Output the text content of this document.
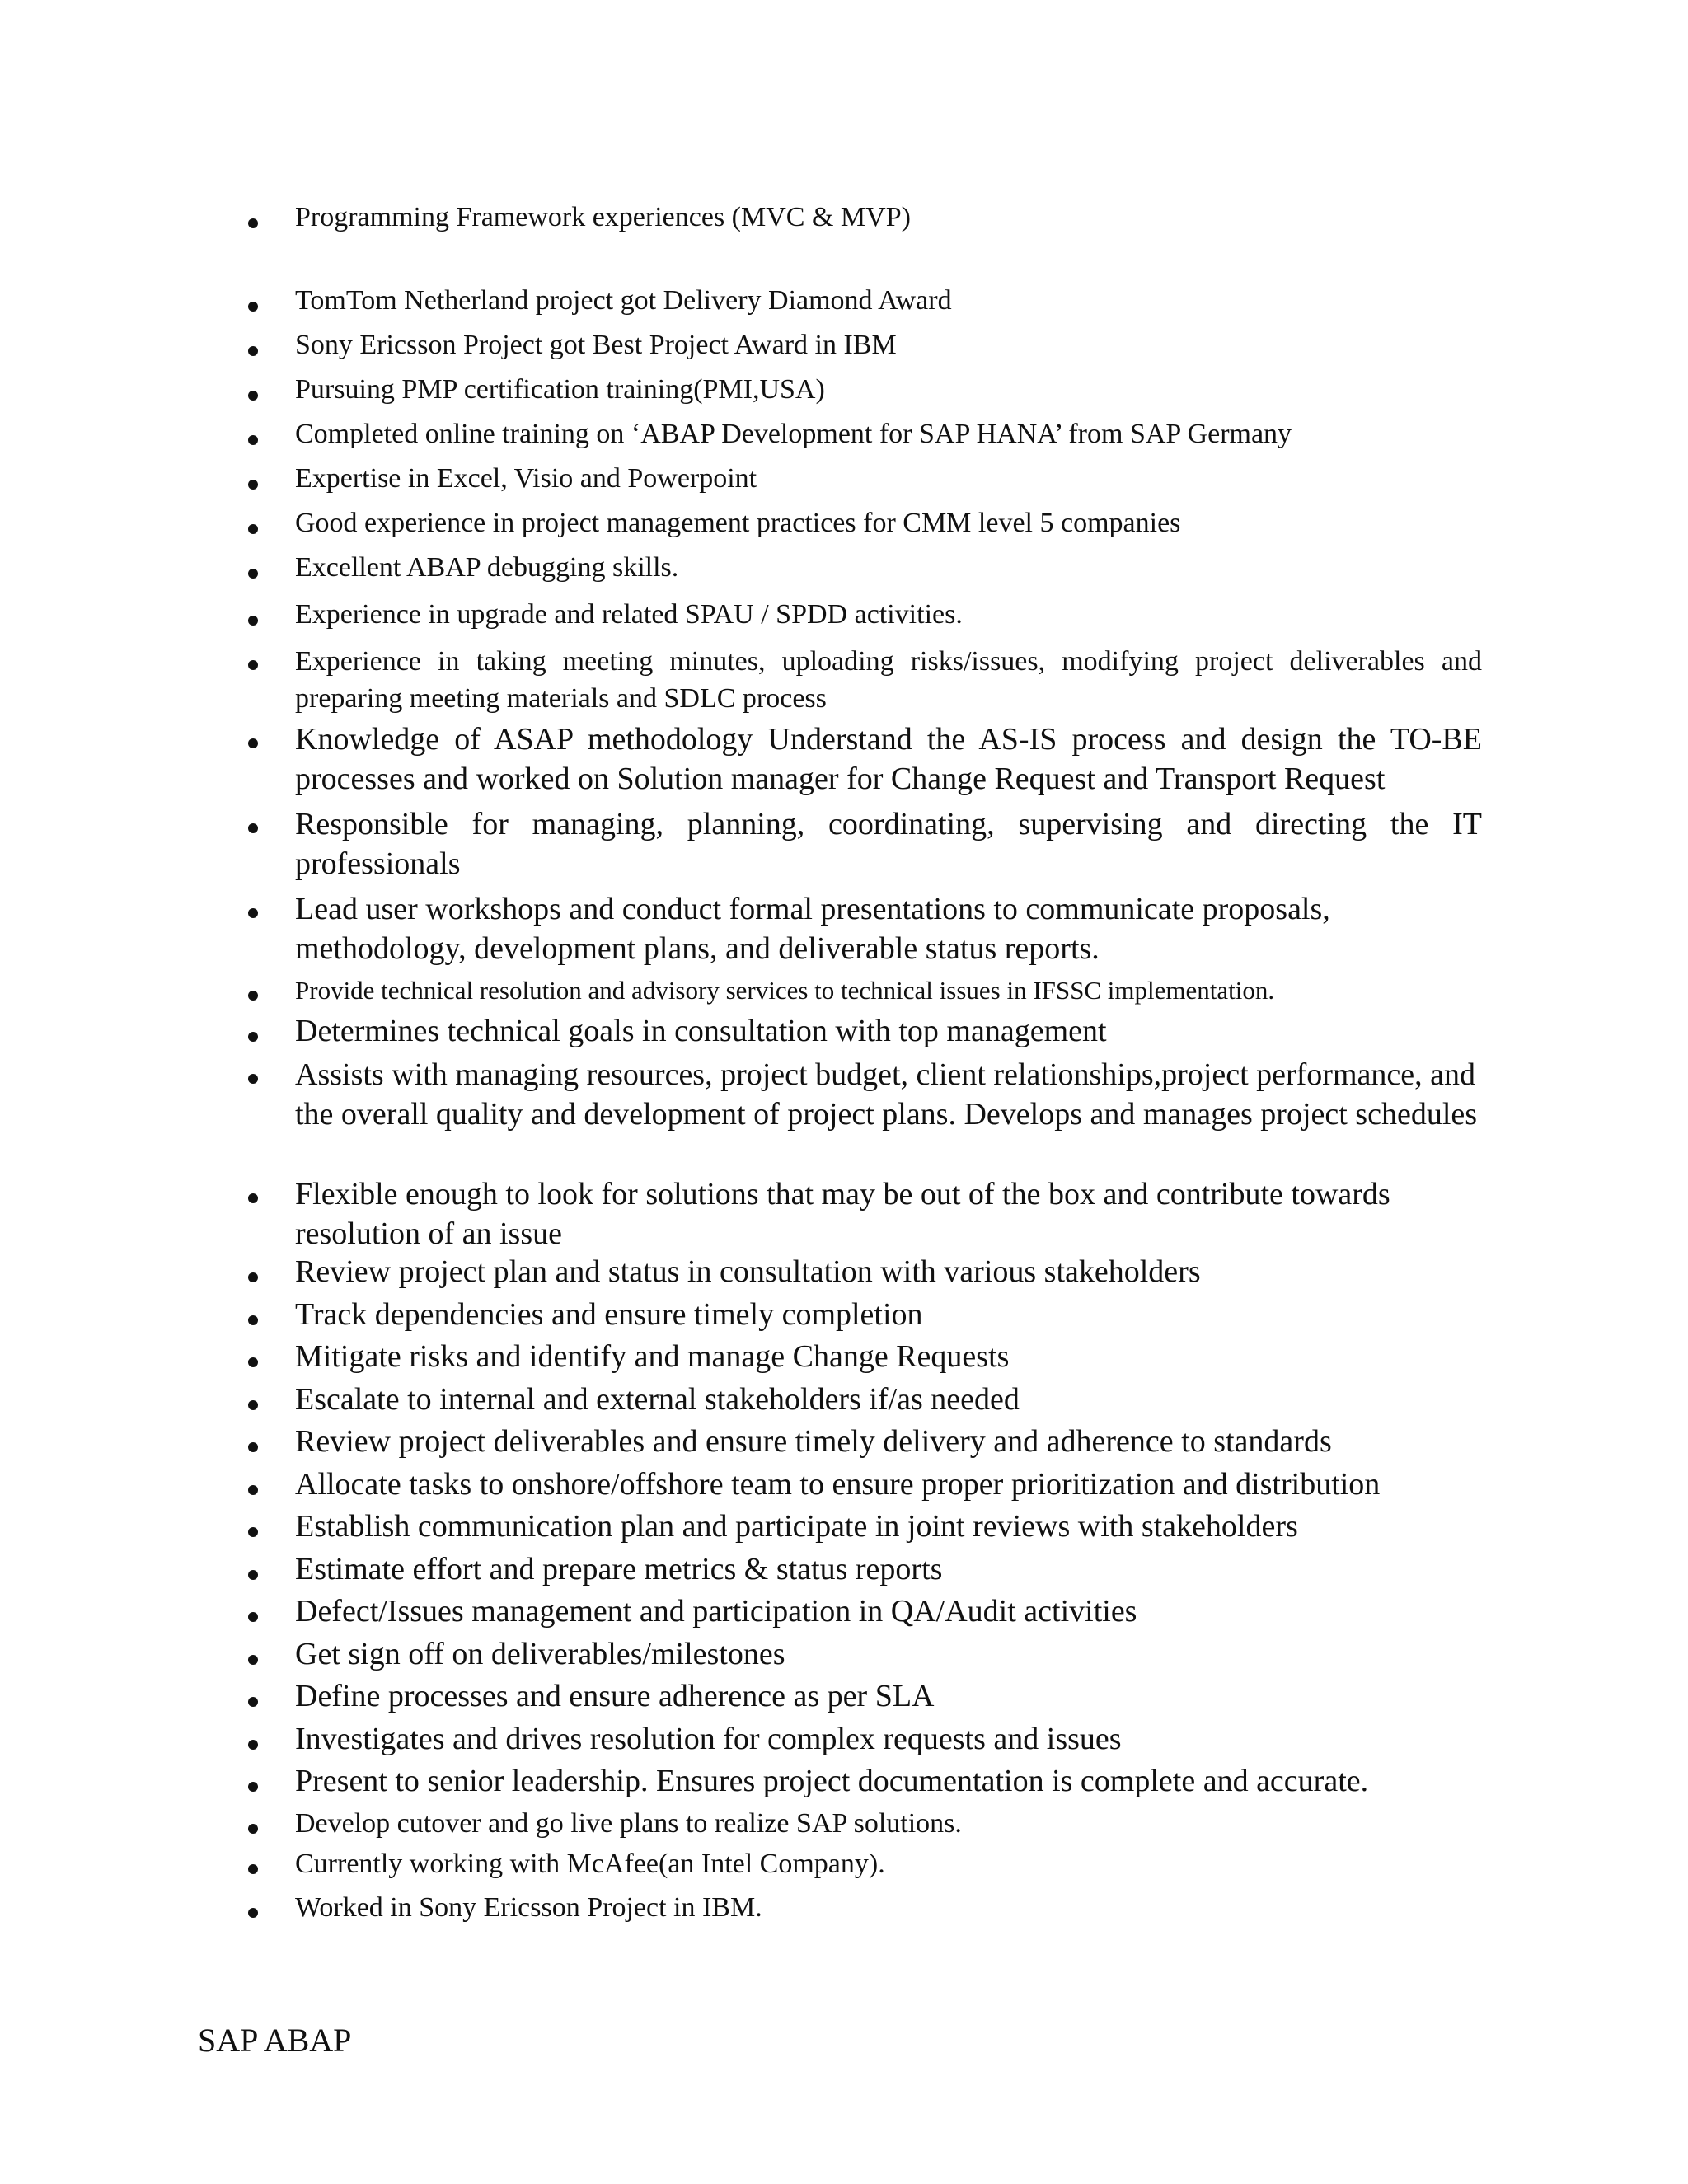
Programming Framework experiences (MVC & MVP)
TomTom Netherland project got Delivery Diamond Award
Sony Ericsson Project got Best Project Award in IBM
Pursuing PMP certification training(PMI,USA)
Completed online training on ‘ABAP Development for SAP HANA’ from SAP Germany
Expertise in Excel, Visio and Powerpoint
Good experience in project management practices for CMM level 5 companies
Excellent ABAP debugging skills.
Experience in upgrade and related SPAU / SPDD activities.
Experience in taking meeting minutes, uploading risks/issues, modifying project deliverables and preparing meeting materials and SDLC process
Knowledge of ASAP methodology Understand the AS-IS process and design the TO-BE processes and worked on Solution manager for Change Request and Transport Request
Responsible for managing, planning, coordinating, supervising and directing the IT professionals
Lead user workshops and conduct formal presentations to communicate proposals, methodology, development plans, and deliverable status reports.
Provide technical resolution and advisory services to technical issues in IFSSC implementation.
Determines technical goals in consultation with top management
Assists with managing resources, project budget, client relationships,project performance, and the overall quality and development of project plans. Develops and manages project schedules
Flexible enough to look for solutions that may be out of the box and contribute towards resolution of an issue
Review project plan and status in consultation with various stakeholders
Track dependencies and ensure timely completion
Mitigate risks and identify and manage Change Requests
Escalate to internal and external stakeholders if/as needed
Review project deliverables and ensure timely delivery and adherence to standards
Allocate tasks to onshore/offshore team to ensure proper prioritization and distribution
Establish communication plan and participate in joint reviews with stakeholders
Estimate effort and prepare metrics & status reports
Defect/Issues management and participation in QA/Audit activities
Get sign off on deliverables/milestones
Define processes and ensure adherence as per SLA
Investigates and drives resolution for complex requests and issues
Present to senior leadership. Ensures project documentation is complete and accurate.
Develop cutover and go live plans to realize SAP solutions.
Currently working with McAfee(an Intel Company).
Worked in Sony Ericsson Project in IBM.
SAP ABAP
